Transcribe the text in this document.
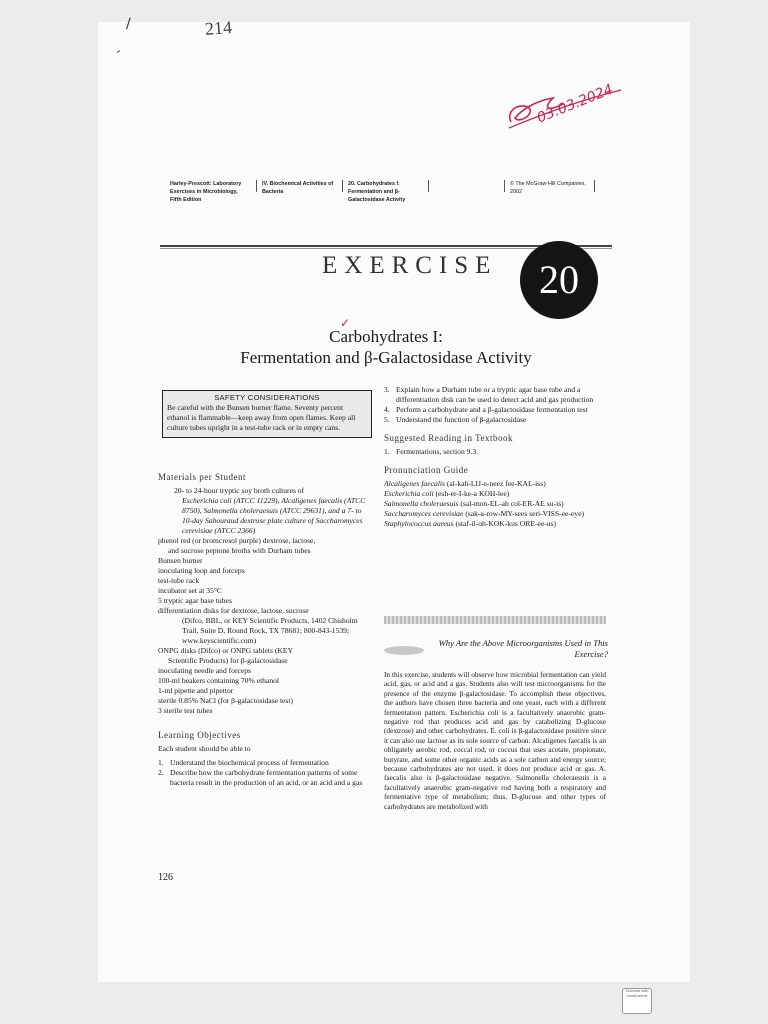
∕
‐
214
03.03.2024
Harley-Prescott: Laboratory Exercises in Microbiology, Fifth Edition
IV. Biochemical Activities of Bacteria
20. Carbohydrates I: Fermentation and β-Galactosidase Activity
© The McGraw-Hill Companies, 2002
EXERCISE	20
Carbohydrates I:
Fermentation and β-Galactosidase Activity
SAFETY CONSIDERATIONS
Be careful with the Bunsen burner flame. Seventy percent ethanol is flammable—keep away from open flames. Keep all culture tubes upright in a test-tube rack or in empty cans.
Materials per Student
20- to 24-hour tryptic soy broth cultures of
Escherichia coli (ATCC 11229), Alcaligenes faecalis (ATCC 8750), Salmonella choleraesuis (ATCC 29631), and a 7- to 10-day Sabouraud dextrose plate culture of Saccharomyces cerevisiae (ATCC 2366)
phenol red (or bromcresol purple) dextrose, lactose,
and sucrose peptone broths with Durham tubes
Bunsen burner
inoculating loop and forceps
test-tube rack
incubator set at 35°C
5 tryptic agar base tubes
differentiation disks for dextrose, lactose, sucrose
(Difco, BBL, or KEY Scientific Products, 1402 Chisholm Trail, Suite D, Round Rock, TX 78681; 800-843-1539; www.keyscientific.com)
ONPG disks (Difco) or ONPG tablets (KEY
Scientific Products) for β-galactosidase
inoculating needle and forceps
100-ml beakers containing 70% ethanol
1-ml pipette and pipettor
sterile 0.85% NaCl (for β-galactosidase test)
3 sterile test tubes
Learning Objectives
Each student should be able to
1. Understand the biochemical process of fermentation
2. Describe how the carbohydrate fermentation patterns of some bacteria result in the production of an acid, or an acid and a gas
3. Explain how a Durham tube or a tryptic agar base tube and a differentiation disk can be used to detect acid and gas production
4. Perform a carbohydrate and a β-galactosidase fermentation test
5. Understand the function of β-galactosidase
Suggested Reading in Textbook
1. Fermentations, section 9.3.
Pronunciation Guide
Alcaligenes faecalis (al-kah-LIJ-e-neez fee-KAL-iss)
Escherichia coli (esh-er-I-ke-a KOH-lee)
Salmonella choleraesuis (sal-mon-EL-ah col-ER-AE su-is)
Saccharomyces cerevisiae (sak-a-row-MY-sees seri-VISS-ee-eye)
Staphylococcus aureus (staf-il-oh-KOK-kus ORE-ee-us)
Why Are the Above Microorganisms Used in This Exercise?
In this exercise, students will observe how microbial fermentation can yield acid, gas, or acid and a gas. Students also will test microorganisms for the presence of the enzyme β-galactosidase. To accomplish these objectives, the authors have chosen three bacteria and one yeast, each with a different fermentation pattern. Escherichia coli is a facultatively anaerobic gram-negative rod that produces acid and gas by catabolizing D-glucose (dextrose) and other carbohydrates. E. coli is β-galactosidase positive since it can also use lactose as its sole source of carbon. Alcaligenes faecalis is an obligately aerobic rod, coccal rod, or coccus that uses acetate, propionate, butyrate, and some other organic acids as a sole carbon and energy source; because carbohydrates are not used, it does not produce acid or gas. A. faecalis also is β-galactosidase negative. Salmonella choleraesuis is a facultatively anaerobic gram-negative rod having both a respiratory and fermentative type of metabolism; thus, D-glucose and other types of carbohydrates are metabolized with
126
Scanned with
CamScanner
✓
